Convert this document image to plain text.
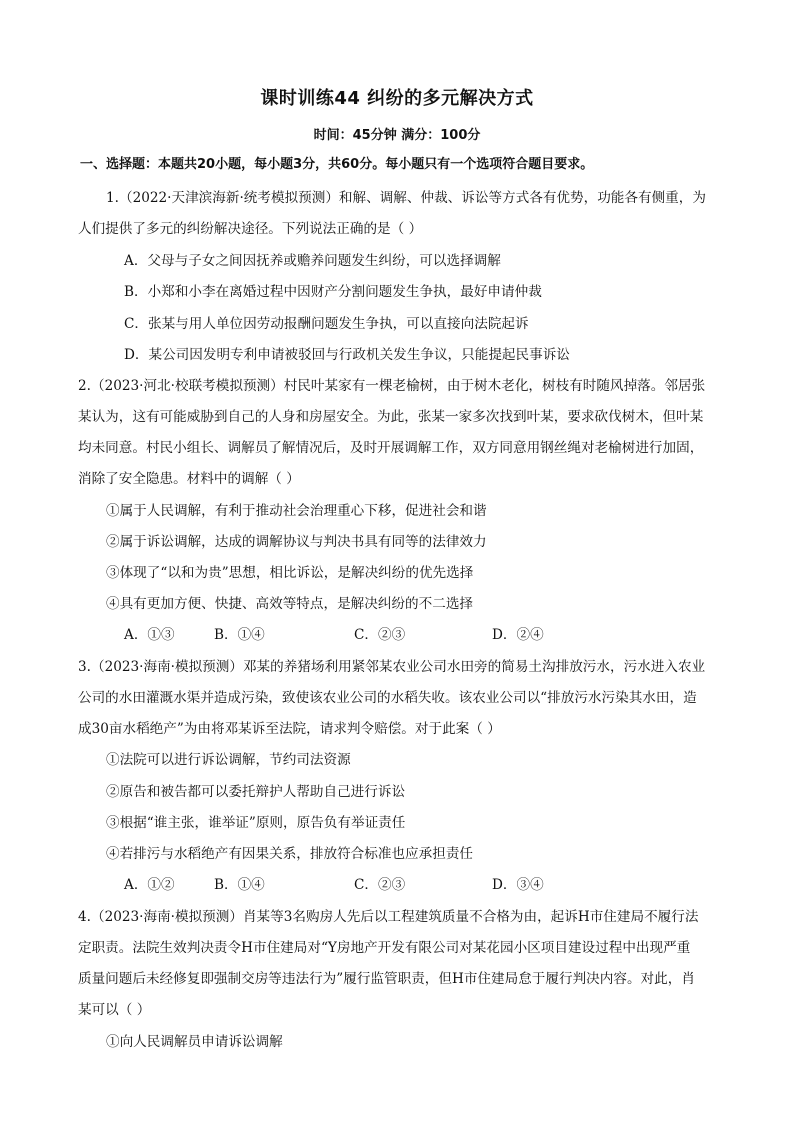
课时训练44 纠纷的多元解决方式
时间：45分钟 满分：100分
一、选择题：本题共20小题，每小题3分，共60分。每小题只有一个选项符合题目要求。
1.（2022·天津滨海新·统考模拟预测）和解、调解、仲裁、诉讼等方式各有优势，功能各有侧重，为
人们提供了多元的纠纷解决途径。下列说法正确的是（ ）
A．父母与子女之间因抚养或赡养问题发生纠纷，可以选择调解
B．小郑和小李在离婚过程中因财产分割问题发生争执，最好申请仲裁
C．张某与用人单位因劳动报酬问题发生争执，可以直接向法院起诉
D．某公司因发明专利申请被驳回与行政机关发生争议，只能提起民事诉讼
2.（2023·河北·校联考模拟预测）村民叶某家有一棵老榆树，由于树木老化，树枝有时随风掉落。邻居张
某认为，这有可能威胁到自己的人身和房屋安全。为此，张某一家多次找到叶某，要求砍伐树木，但叶某
均未同意。村民小组长、调解员了解情况后，及时开展调解工作，双方同意用钢丝绳对老榆树进行加固，
消除了安全隐患。材料中的调解（ ）
①属于人民调解，有利于推动社会治理重心下移，促进社会和谐
②属于诉讼调解，达成的调解协议与判决书具有同等的法律效力
③体现了“以和为贵”思想，相比诉讼，是解决纠纷的优先选择
④具有更加方便、快捷、高效等特点，是解决纠纷的不二选择
A．①③	B．①④	C．②③	D．②④
3.（2023·海南·模拟预测）邓某的养猪场利用紧邻某农业公司水田旁的简易土沟排放污水，污水进入农业
公司的水田灌溉水渠并造成污染，致使该农业公司的水稻失收。该农业公司以“排放污水污染其水田，造
成30亩水稻绝产”为由将邓某诉至法院，请求判令赔偿。对于此案（ ）
①法院可以进行诉讼调解，节约司法资源
②原告和被告都可以委托辩护人帮助自己进行诉讼
③根据“谁主张，谁举证”原则，原告负有举证责任
④若排污与水稻绝产有因果关系，排放符合标准也应承担责任
A．①②	B．①④	C．②③	D．③④
4.（2023·海南·模拟预测）肖某等3名购房人先后以工程建筑质量不合格为由，起诉H市住建局不履行法
定职责。法院生效判决责令H市住建局对“Y房地产开发有限公司对某花园小区项目建设过程中出现严重
质量问题后未经修复即强制交房等违法行为”履行监管职责，但H市住建局怠于履行判决内容。对此，肖
某可以（ ）
①向人民调解员申请诉讼调解
